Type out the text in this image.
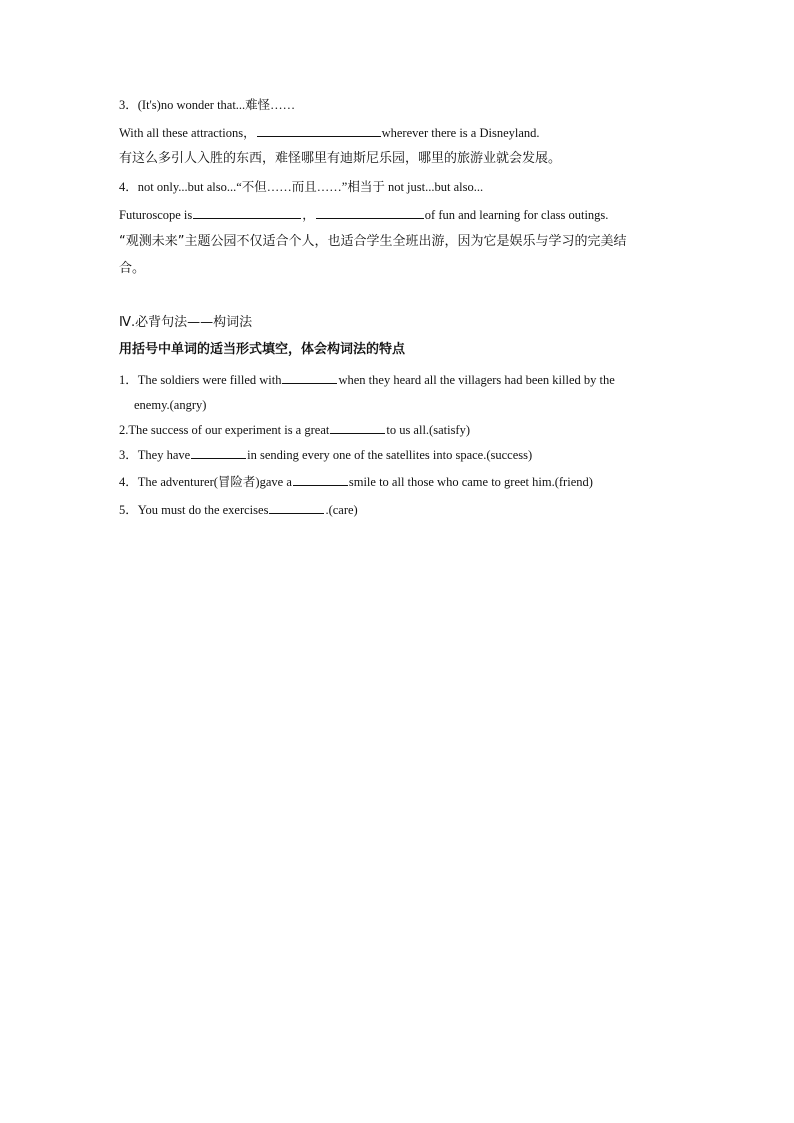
3．(It's)no wonder that...难怪……
With all these attractions，	wherever there is a Disneyland.
有这么多引人入胜的东西，难怪哪里有迪斯尼乐园，哪里的旅游业就会发展。
4．not only...but also...“不但……而且……”相当于 not just...but also...
Futuroscope is	，	of fun and learning for class outings.
“观测未来”主题公园不仅适合个人，也适合学生全班出游，因为它是娱乐与学习的完美结
合。
Ⅳ.必背句法——构词法
用括号中单词的适当形式填空，体会构词法的特点
1．The soldiers were filled with	when they heard all the villagers had been killed by the
enemy.(angry)
2.The success of our experiment is a great	to us all.(satisfy)
3．They have	in sending every one of the satellites into space.(success)
4．The adventurer(冒险者)gave a	smile to all those who came to greet him.(friend)
5．You must do the exercises	.(care)
